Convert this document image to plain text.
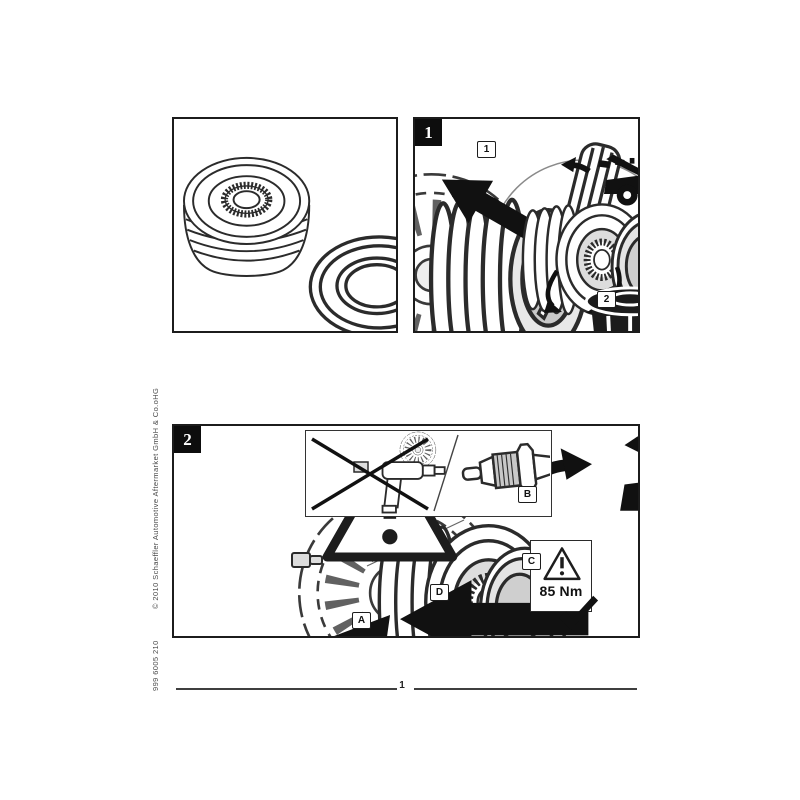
© 2010 Schaeffler Automotive Aftermarket GmbH & Co.oHG
999 6005 210
1
1
2
B
85 Nm
C
2
A
D
1
